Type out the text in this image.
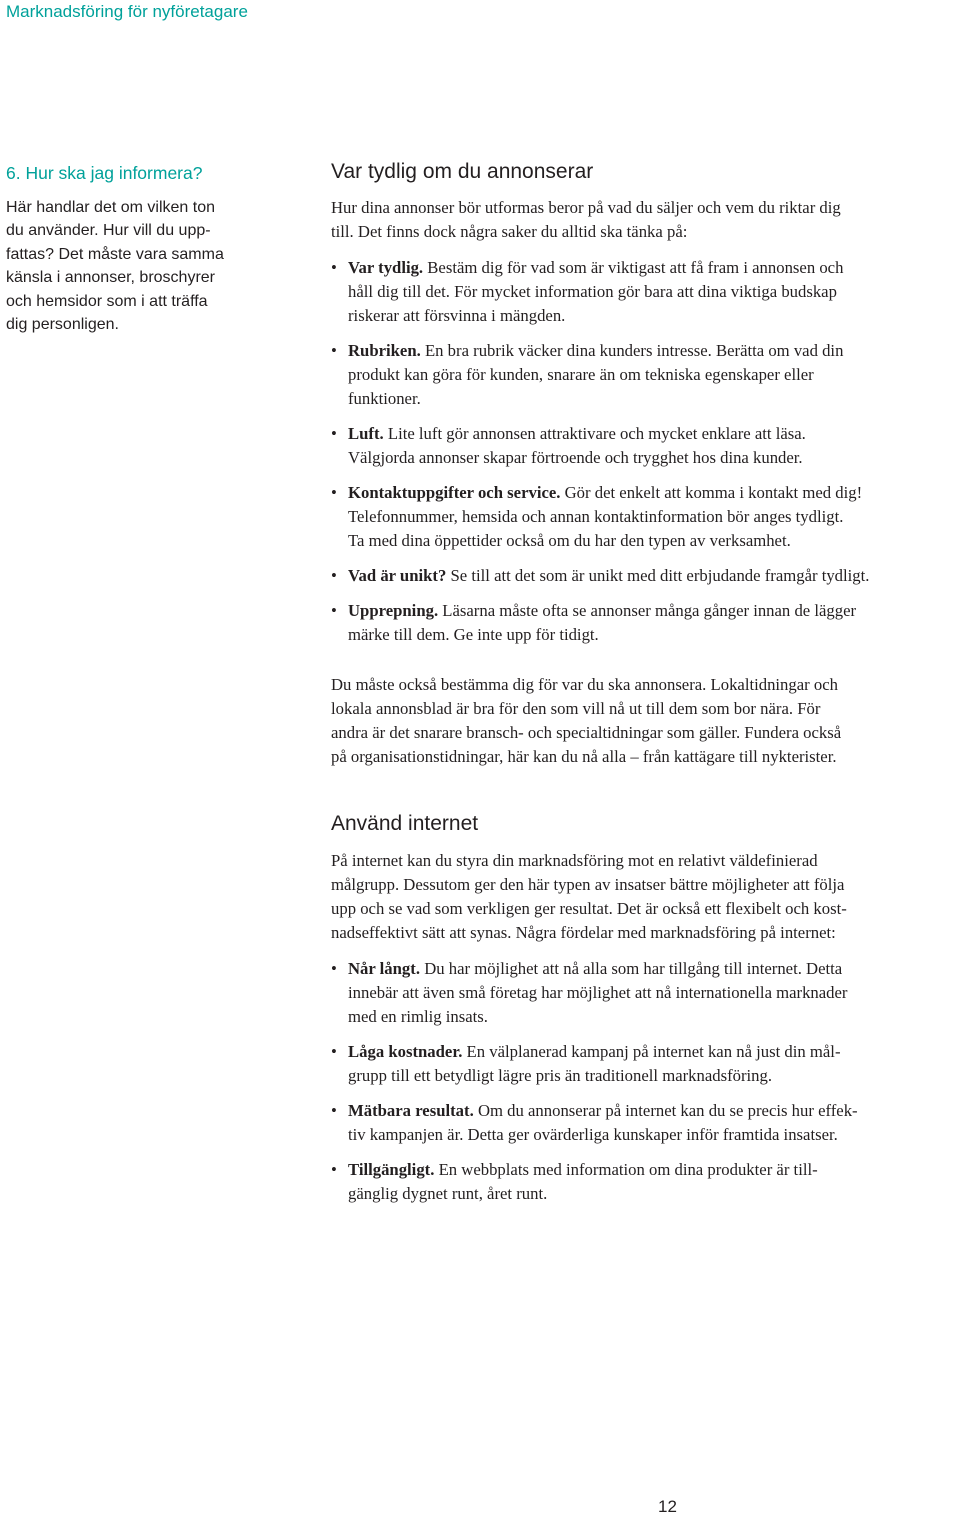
Marknadsföring för nyföretagare
6. Hur ska jag informera?

Här handlar det om vilken ton
du använder. Hur vill du upp-
fattas? Det måste vara samma
känsla i annonser, broschyrer
och hemsidor som i att träffa
dig personligen.

Var tydlig om du annonserar

Hur dina annonser bör utformas beror på vad du säljer och vem du riktar dig
till. Det finns dock några saker du alltid ska tänka på:

• Var tydlig. Bestäm dig för vad som är viktigast att få fram i annonsen och
håll dig till det. För mycket information gör bara att dina viktiga budskap
riskerar att försvinna i mängden.
• Rubriken. En bra rubrik väcker dina kunders intresse. Berätta om vad din
produkt kan göra för kunden, snarare än om tekniska egenskaper eller
funktioner.
• Luft. Lite luft gör annonsen attraktivare och mycket enklare att läsa.
Välgjorda annonser skapar förtroende och trygghet hos dina kunder.
• Kontaktuppgifter och service. Gör det enkelt att komma i kontakt med dig!
Telefonnummer, hemsida och annan kontaktinformation bör anges tydligt.
Ta med dina öppettider också om du har den typen av verksamhet.
• Vad är unikt? Se till att det som är unikt med ditt erbjudande framgår tydligt.
• Upprepning. Läsarna måste ofta se annonser många gånger innan de lägger
märke till dem. Ge inte upp för tidigt.

Du måste också bestämma dig för var du ska annonsera. Lokaltidningar och
lokala annonsblad är bra för den som vill nå ut till dem som bor nära. För
andra är det snarare bransch- och specialtidningar som gäller. Fundera också
på organisationstidningar, här kan du nå alla – från kattägare till nykterister.

Använd internet

På internet kan du styra din marknadsföring mot en relativt väldefinierad
målgrupp. Dessutom ger den här typen av insatser bättre möjligheter att följa
upp och se vad som verkligen ger resultat. Det är också ett flexibelt och kost-
nadseffektivt sätt att synas. Några fördelar med marknadsföring på internet:

• Når långt. Du har möjlighet att nå alla som har tillgång till internet. Detta
innebär att även små företag har möjlighet att nå internationella marknader
med en rimlig insats.
• Låga kostnader. En välplanerad kampanj på internet kan nå just din mål-
grupp till ett betydligt lägre pris än traditionell marknadsföring.
• Mätbara resultat. Om du annonserar på internet kan du se precis hur effek-
tiv kampanjen är. Detta ger ovärderliga kunskaper inför framtida insatser.
• Tillgängligt. En webbplats med information om dina produkter är till-
gänglig dygnet runt, året runt.
12
